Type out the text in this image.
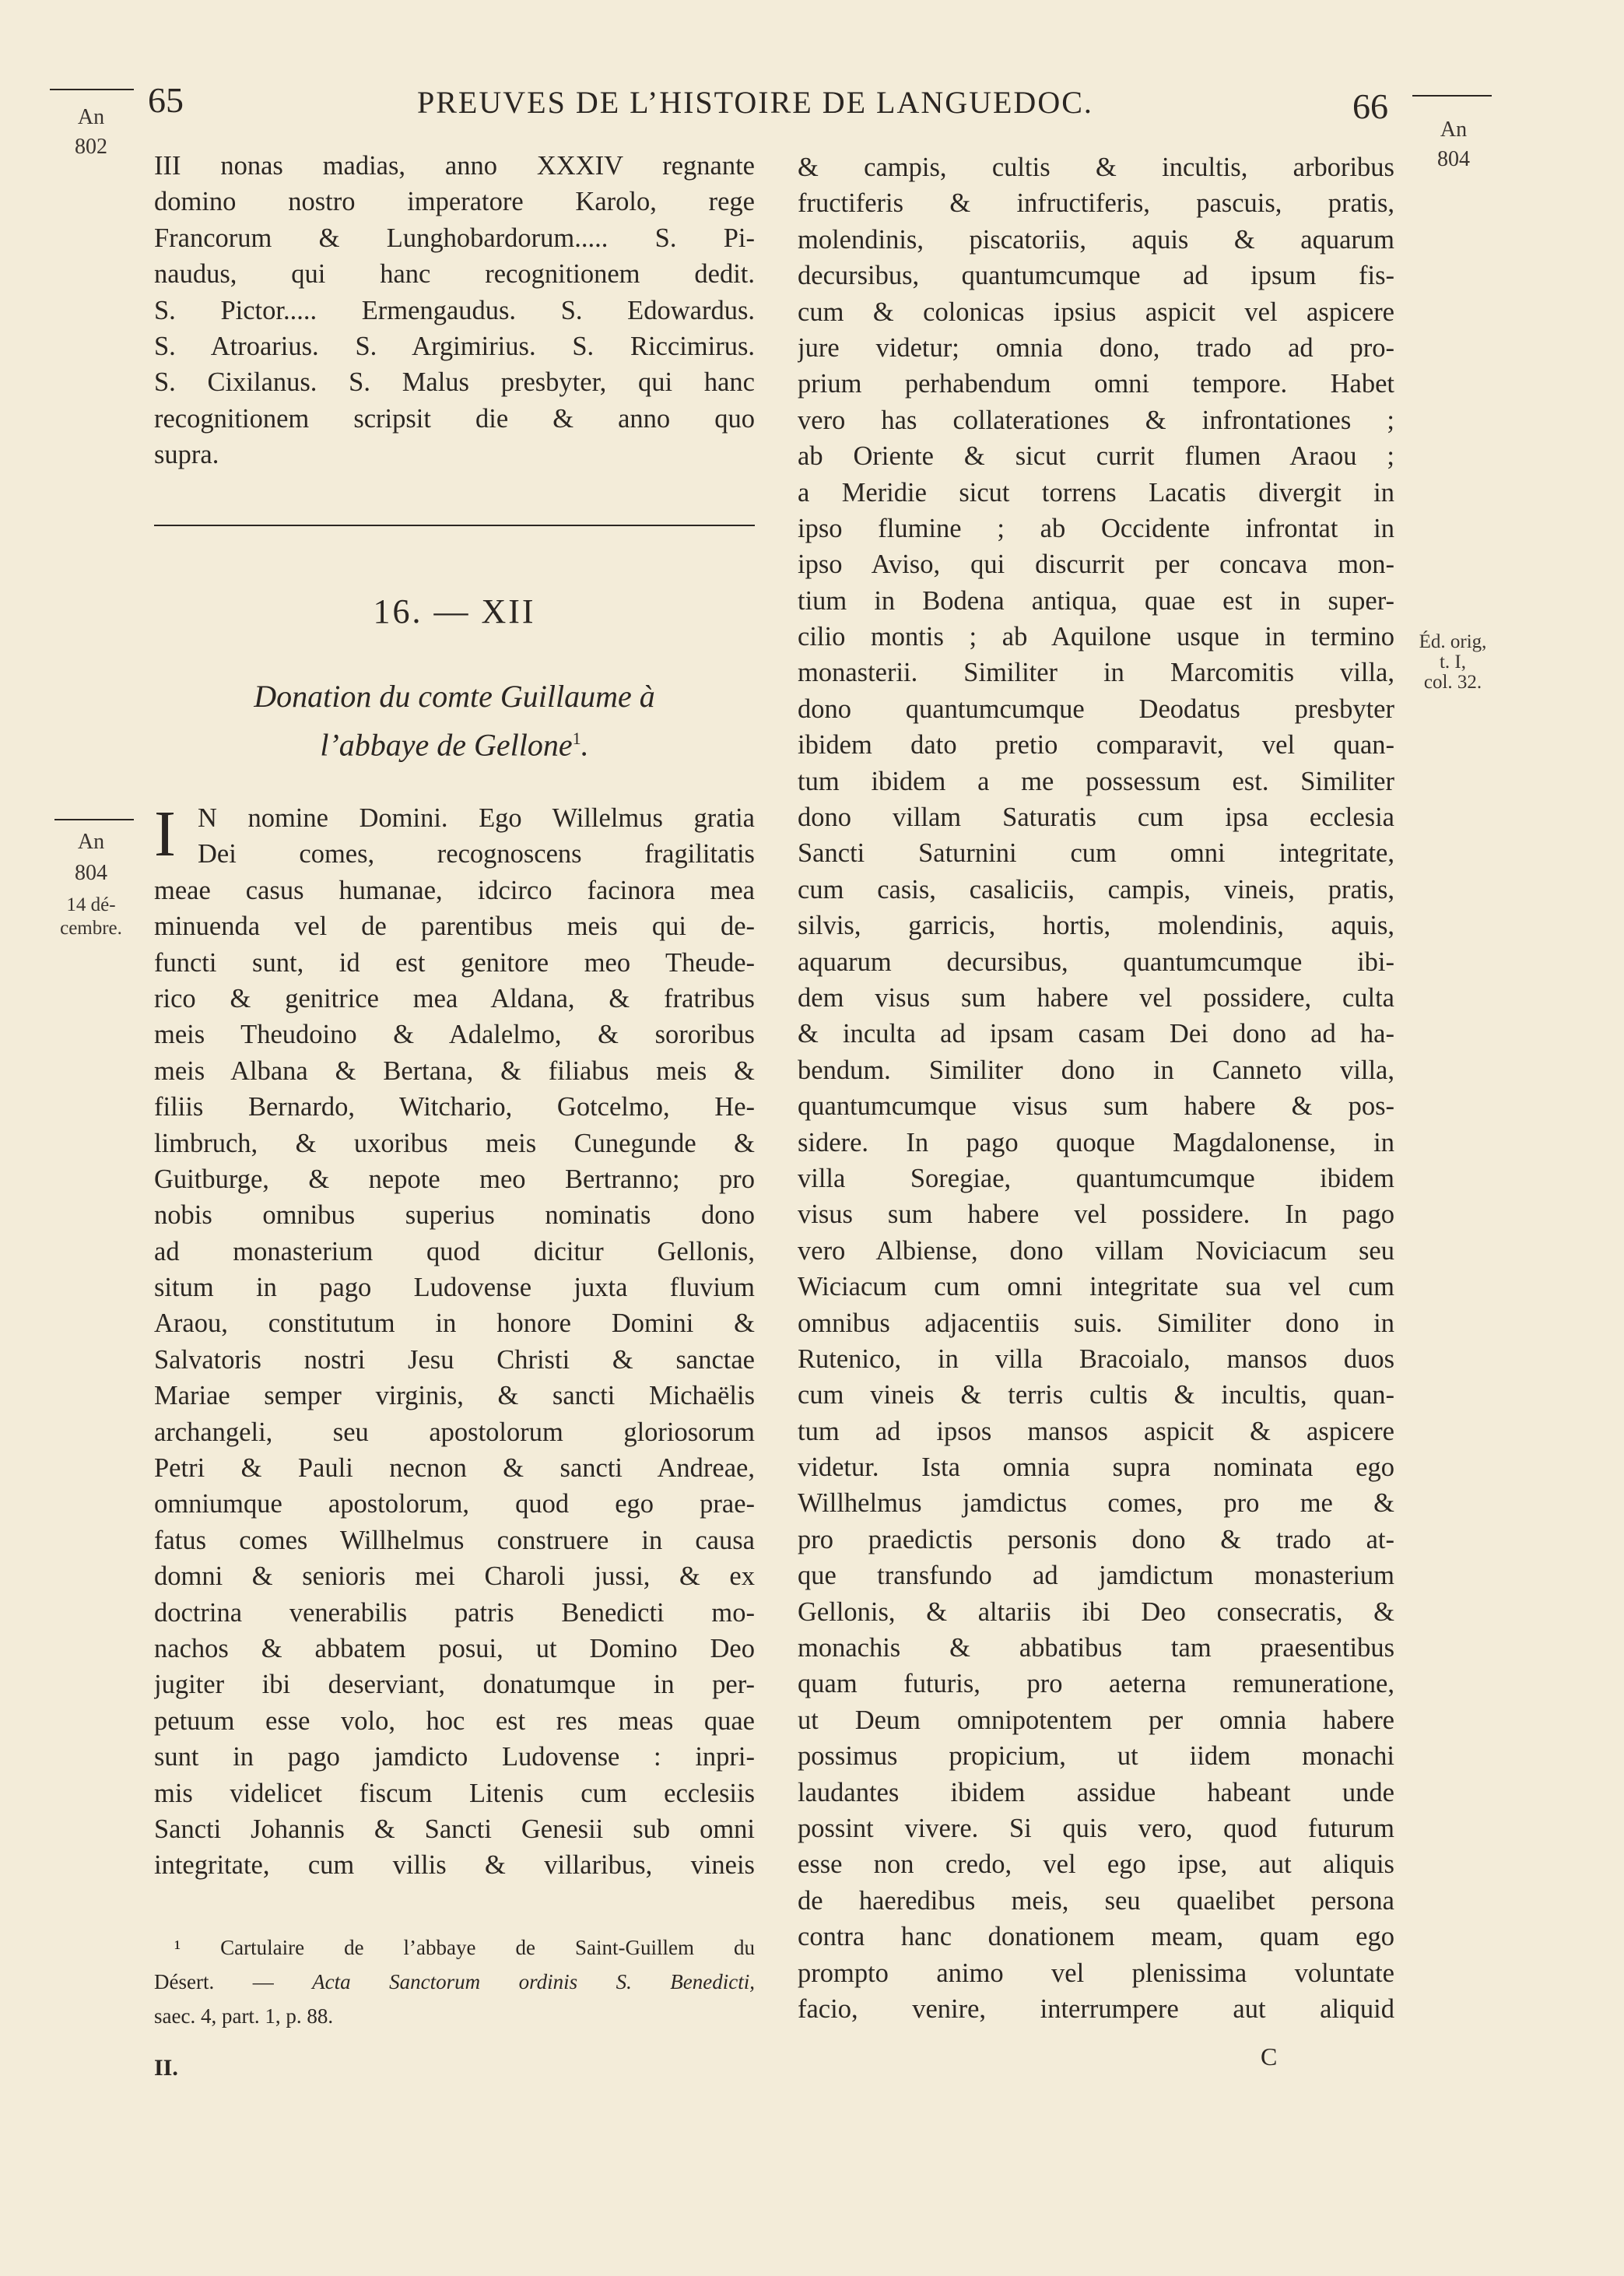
An
802
An
804
65	PREUVES DE L’HISTOIRE DE LANGUEDOC.	66
III nonas madias, anno XXXIV regnante
domino nostro imperatore Karolo, rege
Francorum & Lunghobardorum..... S. Pi-
naudus, qui hanc recognitionem dedit.
S. Pictor..... Ermengaudus. S. Edowardus.
S. Atroarius. S. Argimirius. S. Riccimirus.
S. Cixilanus. S. Malus presbyter, qui hanc
recognitionem scripsit die & anno quo
supra.
16. — XII
Donation du comte Guillaume à
l’abbaye de Gellone$^1$.
An
804
14 dé-
cembre.
Éd. orig,
t. I,
col. 32.
I N nomine Domini. Ego Willelmus gratia
Dei comes, recognoscens fragilitatis
meae casus humanae, idcirco facinora mea
minuenda vel de parentibus meis qui de-
functi sunt, id est genitore meo Theude-
rico & genitrice mea Aldana, & fratribus
meis Theudoino & Adalelmo, & sororibus
meis Albana & Bertana, & filiabus meis &
filiis Bernardo, Witchario, Gotcelmo, He-
limbruch, & uxoribus meis Cunegunde &
Guitburge, & nepote meo Bertranno; pro
nobis omnibus superius nominatis dono
ad monasterium quod dicitur Gellonis,
situm in pago Ludovense juxta fluvium
Araou, constitutum in honore Domini &
Salvatoris nostri Jesu Christi & sanctae
Mariae semper virginis, & sancti Michaëlis
archangeli, seu apostolorum gloriosorum
Petri & Pauli necnon & sancti Andreae,
omniumque apostolorum, quod ego prae-
fatus comes Willhelmus construere in causa
domni & senioris mei Charoli jussi, & ex
doctrina venerabilis patris Benedicti mo-
nachos & abbatem posui, ut Domino Deo
jugiter ibi deserviant, donatumque in per-
petuum esse volo, hoc est res meas quae
sunt in pago jamdicto Ludovense : inpri-
mis videlicet fiscum Litenis cum ecclesiis
Sancti Johannis & Sancti Genesii sub omni
integritate, cum villis & villaribus, vineis
¹ Cartulaire de l’abbaye de Saint-Guillem du
Désert. — Acta Sanctorum ordinis S. Benedicti,
saec. 4, part. 1, p. 88.
II.
& campis, cultis & incultis, arboribus
fructiferis & infructiferis, pascuis, pratis,
molendinis, piscatoriis, aquis & aquarum
decursibus, quantumcumque ad ipsum fis-
cum & colonicas ipsius aspicit vel aspicere
jure videtur; omnia dono, trado ad pro-
prium perhabendum omni tempore. Habet
vero has collaterationes & infrontationes ;
ab Oriente & sicut currit flumen Araou ;
a Meridie sicut torrens Lacatis divergit in
ipso flumine ; ab Occidente infrontat in
ipso Aviso, qui discurrit per concava mon-
tium in Bodena antiqua, quae est in super-
cilio montis ; ab Aquilone usque in termino
monasterii. Similiter in Marcomitis villa,
dono quantumcumque Deodatus presbyter
ibidem dato pretio comparavit, vel quan-
tum ibidem a me possessum est. Similiter
dono villam Saturatis cum ipsa ecclesia
Sancti Saturnini cum omni integritate,
cum casis, casaliciis, campis, vineis, pratis,
silvis, garricis, hortis, molendinis, aquis,
aquarum decursibus, quantumcumque ibi-
dem visus sum habere vel possidere, culta
& inculta ad ipsam casam Dei dono ad ha-
bendum. Similiter dono in Canneto villa,
quantumcumque visus sum habere & pos-
sidere. In pago quoque Magdalonense, in
villa Soregiae, quantumcumque ibidem
visus sum habere vel possidere. In pago
vero Albiense, dono villam Noviciacum seu
Wiciacum cum omni integritate sua vel cum
omnibus adjacentiis suis. Similiter dono in
Rutenico, in villa Bracoialo, mansos duos
cum vineis & terris cultis & incultis, quan-
tum ad ipsos mansos aspicit & aspicere
videtur. Ista omnia supra nominata ego
Willhelmus jamdictus comes, pro me &
pro praedictis personis dono & trado at-
que transfundo ad jamdictum monasterium
Gellonis, & altariis ibi Deo consecratis, &
monachis & abbatibus tam praesentibus
quam futuris, pro aeterna remuneratione,
ut Deum omnipotentem per omnia habere
possimus propicium, ut iidem monachi
laudantes ibidem assidue habeant unde
possint vivere. Si quis vero, quod futurum
esse non credo, vel ego ipse, aut aliquis
de haeredibus meis, seu quaelibet persona
contra hanc donationem meam, quam ego
prompto animo vel plenissima voluntate
facio, venire, interrumpere aut aliquid
C
